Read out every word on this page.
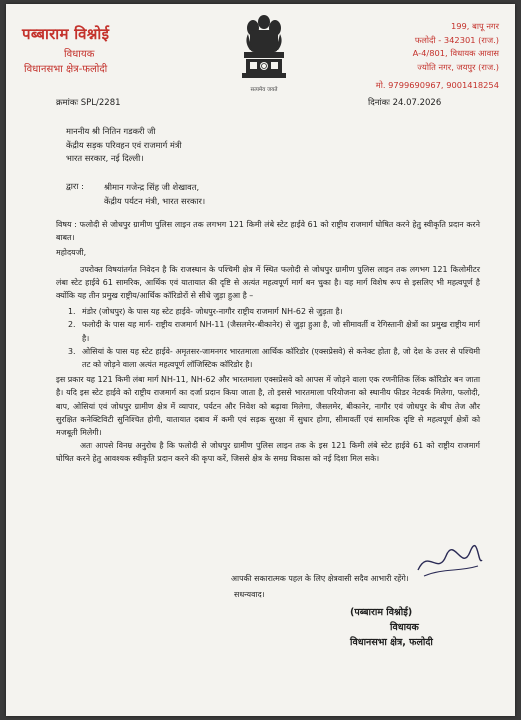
पब्बाराम विश्नोई
विधायक
विधानसभा क्षेत्र-फलोदी
सत्यमेव जयते
199, बापू नगर
फलोदी - 342301 (राज.)
A-4/801, विधायक आवास
ज्योति नगर, जयपुर (राज.)
मो. 9799690967, 9001418254
क्रमांकः SPL/2281	दिनांकः 24.07.2026
माननीय श्री नितिन गडकरी जी
केंद्रीय सड़क परिवहन एवं राजमार्ग मंत्री
भारत सरकार, नई दिल्ली।
द्वारा : श्रीमान गजेन्द्र सिंह जी शेखावत,
केंद्रीय पर्यटन मंत्री, भारत सरकार।

विषय : फलोदी से जोधपुर ग्रामीण पुलिस लाइन तक लगभग 121 किमी लंबे स्टेट हाईवे 61 को राष्ट्रीय राजमार्ग घोषित करने हेतु स्वीकृति प्रदान करने बाबत।

महोदयजी,

उपरोक्त विषयांतर्गत निवेदन है कि राजस्थान के पश्चिमी क्षेत्र में स्थित फलोदी से जोधपुर ग्रामीण पुलिस लाइन तक लगभग 121 किलोमीटर लंबा स्टेट हाईवे 61 सामरिक, आर्थिक एवं यातायात की दृष्टि से अत्यंत महत्वपूर्ण मार्ग बन चुका है। यह मार्ग विशेष रूप से इसलिए भी महत्वपूर्ण है क्योंकि यह तीन प्रमुख राष्ट्रीय/आर्थिक कॉरिडोरों से सीधे जुड़ा हुआ है –

1. मंडोर (जोधपुर) के पास यह स्टेट हाईवे- जोधपुर-नागौर राष्ट्रीय राजमार्ग NH-62 से जुड़ता है।
2. फलोदी के पास यह मार्ग- राष्ट्रीय राजमार्ग NH-11 (जैसलमेर-बीकानेर) से जुड़ा हुआ है, जो सीमावर्ती व रेगिस्तानी क्षेत्रों का प्रमुख राष्ट्रीय मार्ग है।
3. ओसियां के पास यह स्टेट हाईवे- अमृतसर-जामनगर भारतमाला आर्थिक कॉरिडोर (एक्सप्रेसवे) से कनेक्ट होता है, जो देश के उत्तर से पश्चिमी तट को जोड़ने वाला अत्यंत महत्वपूर्ण लॉजिस्टिक कॉरिडोर है।

इस प्रकार यह 121 किमी लंबा मार्ग NH-11, NH-62 और भारतमाला एक्सप्रेसवे को आपस में जोड़ने वाला एक रणनीतिक लिंक कॉरिडोर बन जाता है। यदि इस स्टेट हाईवे को राष्ट्रीय राजमार्ग का दर्जा प्रदान किया जाता है, तो इससे भारतमाला परियोजना को स्थानीय फीडर नेटवर्क मिलेगा, फलोदी, बाप, ओसियां एवं जोधपुर ग्रामीण क्षेत्र में व्यापार, पर्यटन और निवेश को बढ़ावा मिलेगा, जैसलमेर, बीकानेर, नागौर एवं जोधपुर के बीच तेज और सुरक्षित कनेक्टिविटी सुनिश्चित होगी, यातायात दबाव में कमी एवं सड़क सुरक्षा में सुधार होगा, सीमावर्ती एवं सामरिक दृष्टि से महत्वपूर्ण क्षेत्रों को मजबूती मिलेगी।

अतः आपसे विनम्र अनुरोध है कि फलोदी से जोधपुर ग्रामीण पुलिस लाइन तक के इस 121 किमी लंबे स्टेट हाईवे 61 को राष्ट्रीय राजमार्ग घोषित करने हेतु आवश्यक स्वीकृति प्रदान करने की कृपा करें, जिससे क्षेत्र के समग्र विकास को नई दिशा मिल सके।

आपकी सकारात्मक पहल के लिए क्षेत्रवासी सदैव आभारी रहेंगे।
सधन्यवाद।
(पब्बाराम विश्नोई)
विधायक
विधानसभा क्षेत्र, फलोदी
